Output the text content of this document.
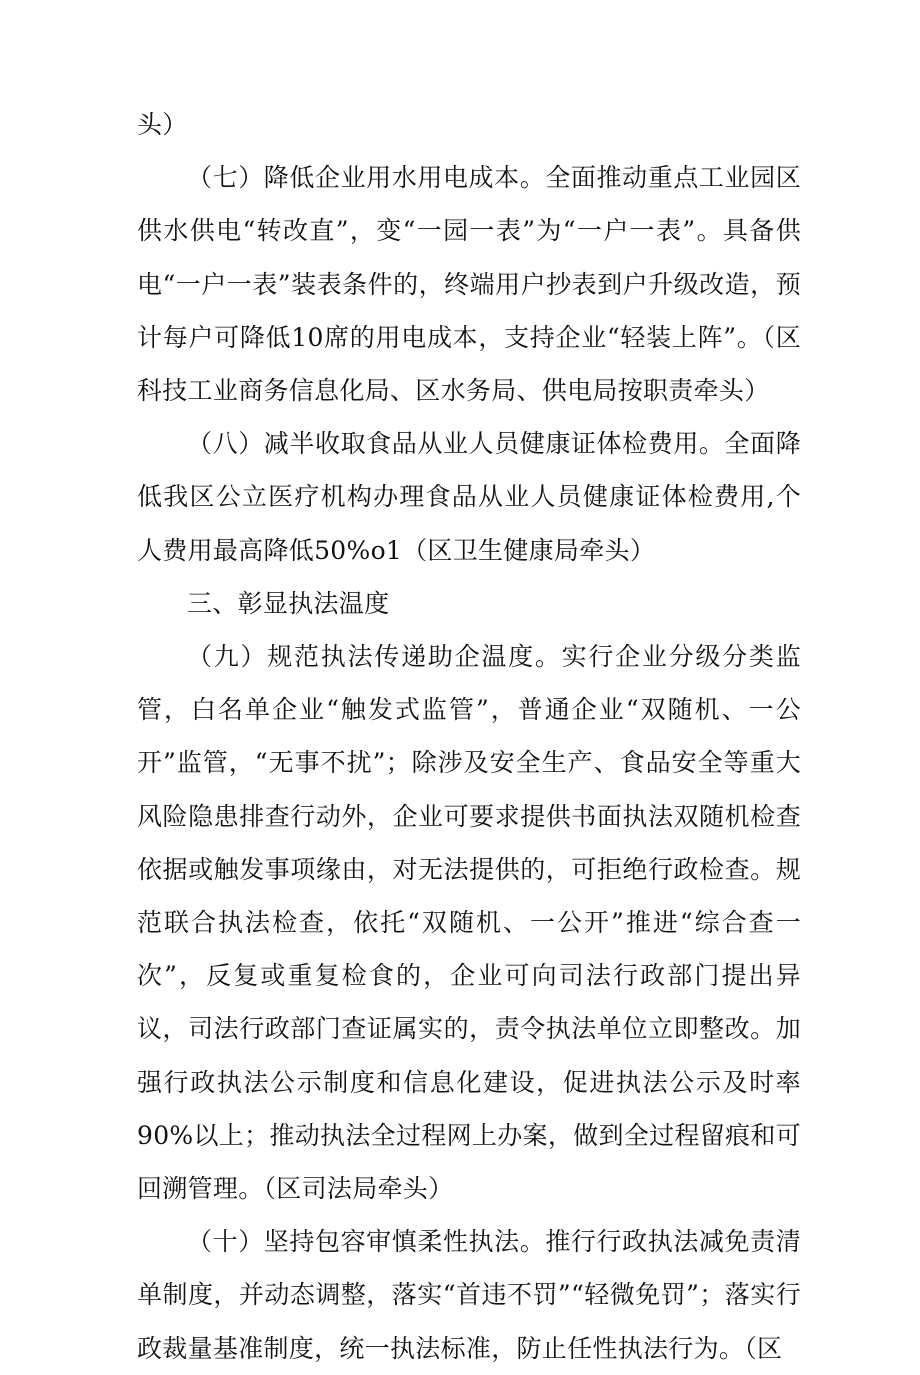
头）

（七）降低企业用水用电成本。全面推动重点工业园区供水供电“转改直”，变“一园一表”为“一户一表”。具备供电“一户一表”装表条件的，终端用户抄表到户升级改造，预计每户可降低10席的用电成本，支持企业“轻装上阵”。（区科技工业商务信息化局、区水务局、供电局按职责牵头）

（八）减半收取食品从业人员健康证体检费用。全面降低我区公立医疗机构办理食品从业人员健康证体检费用,个人费用最高降低50%o1（区卫生健康局牵头）

三、彰显执法温度

（九）规范执法传递助企温度。实行企业分级分类监管，白名单企业“触发式监管”，普通企业“双随机、一公开”监管，“无事不扰”；除涉及安全生产、食品安全等重大风险隐患排查行动外，企业可要求提供书面执法双随机检查依据或触发事项缘由，对无法提供的，可拒绝行政检查。规范联合执法检查，依托“双随机、一公开”推进“综合查一次”，反复或重复检食的，企业可向司法行政部门提出异议，司法行政部门查证属实的，责令执法单位立即整改。加强行政执法公示制度和信息化建设，促进执法公示及时率90%以上；推动执法全过程网上办案，做到全过程留痕和可回溯管理。（区司法局牵头）

（十）坚持包容审慎柔性执法。推行行政执法减免责清单制度，并动态调整，落实“首违不罚”“轻微免罚”；落实行政裁量基准制度，统一执法标准，防止任性执法行为。（区
